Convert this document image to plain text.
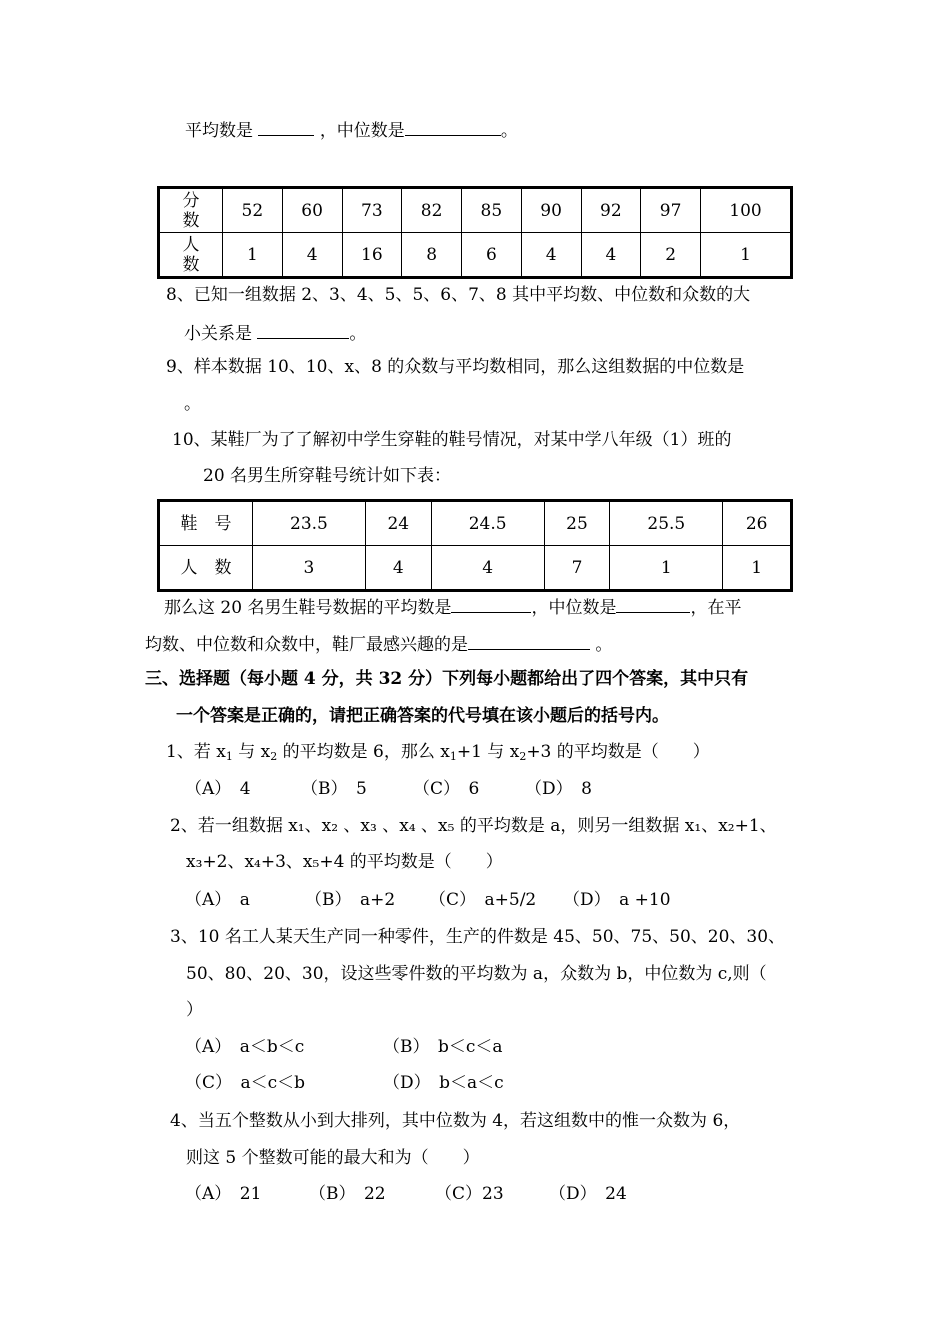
平均数是	，中位数是	。
分
数	52	60	73	82	85	90	92	97	100
人
数	1	4	16	8	6	4	4	2	1
8、已知一组数据 2、3、4、5、5、6、7、8 其中平均数、中位数和众数的大
小关系是	。
9、样本数据 10、10、x、8 的众数与平均数相同，那么这组数据的中位数是
。
10、某鞋厂为了了解初中学生穿鞋的鞋号情况，对某中学八年级（1）班的
20 名男生所穿鞋号统计如下表：
鞋　号	23.5	24	24.5	25	25.5	26
人　数	3	4	4	7	1	1
那么这 20 名男生鞋号数据的平均数是	，中位数是	，在平
均数、中位数和众数中，鞋厂最感兴趣的是	。
三、选择题（每小题 4 分，共 32 分）下列每小题都给出了四个答案，其中只有
一个答案是正确的，请把正确答案的代号填在该小题后的括号内。
1、若 $x_1$ 与 $x_2$ 的平均数是 6，那么 $x_1+1$ 与 $x_2+3$ 的平均数是（　　）
（A）　4	（B）　5	（C）　6	（D）　8
2、若一组数据 x₁、x₂ 、x₃ 、x₄ 、x₅ 的平均数是 a，则另一组数据 x₁、x₂+1、
x₃+2、x₄+3、x₅+4 的平均数是（　　）
（A）　a	（B）　a+2 （C）　a+5/2 （D）　a +10
3、10 名工人某天生产同一种零件，生产的件数是 45、50、75、50、20、30、
50、80、20、30，设这些零件数的平均数为 a，众数为 b，中位数为 c,则（
）
（A）　a＜b＜c	（B）　b＜c＜a
（C）　a＜c＜b	（D）　b＜a＜c
4、当五个整数从小到大排列，其中位数为 4，若这组数中的惟一众数为 6，
则这 5 个整数可能的最大和为（　　）
（A）　21	（B）　22	（C）23	（D）　24
